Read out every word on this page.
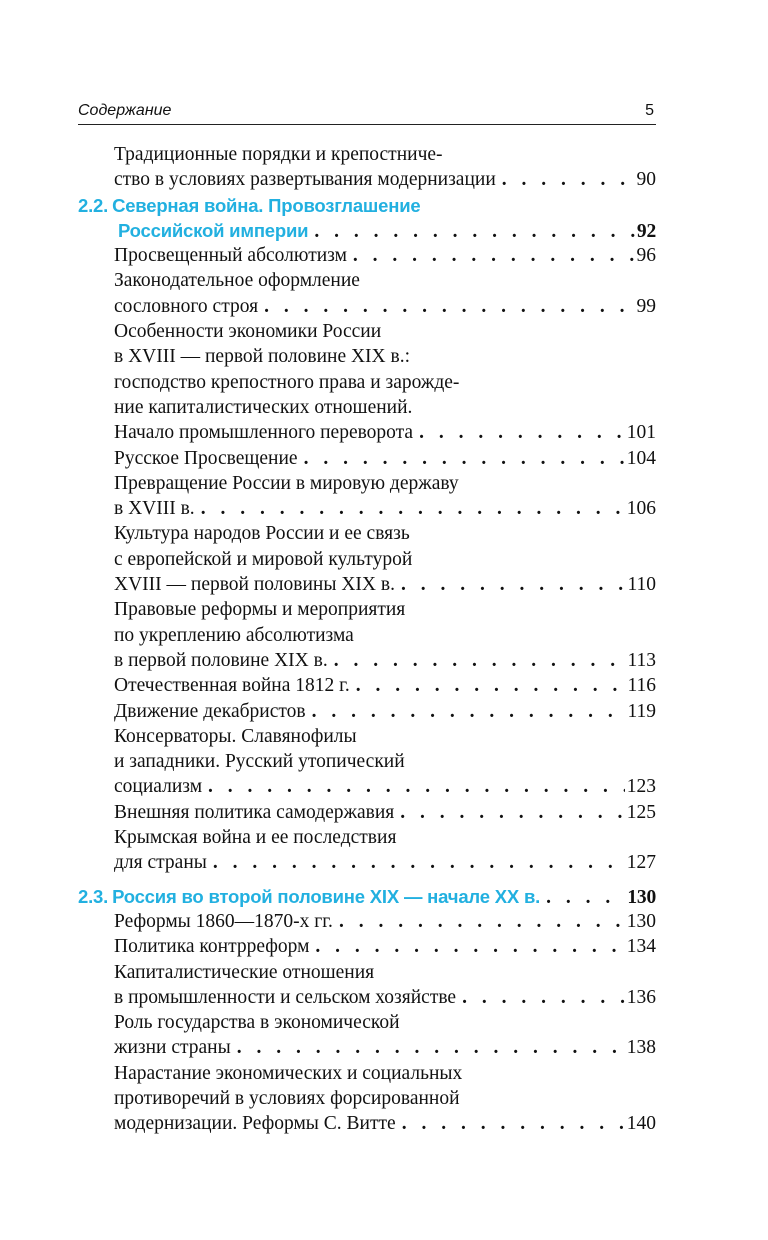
Содержание	5
Традиционные порядки и крепостниче-
ство в условиях развертывания модернизации . . .	90
2.2. Северная война. Провозглашение
Российской империи . . .	92
Просвещенный абсолютизм . . .	96
Законодательное оформление
сословного строя . . .	99
Особенности экономики России
в XVIII — первой половине XIX в.:
господство крепостного права и зарожде-
ние капиталистических отношений.
Начало промышленного переворота . . .	101
Русское Просвещение . . .	104
Превращение России в мировую державу
в XVIII в. . . .	106
Культура народов России и ее связь
с европейской и мировой культурой
XVIII — первой половины XIX в. . . .	110
Правовые реформы и мероприятия
по укреплению абсолютизма
в первой половине XIX в. . . .	113
Отечественная война 1812 г. . . .	116
Движение декабристов . . .	119
Консерваторы. Славянофилы
и западники. Русский утопический
социализм . . .	123
Внешняя политика самодержавия . . .	125
Крымская война и ее последствия
для страны . . .	127
2.3. Россия во второй половине XIX — начале XX в. . . .	130
Реформы 1860—1870-х гг. . . .	130
Политика контрреформ . . .	134
Капиталистические отношения
в промышленности и сельском хозяйстве . . .	136
Роль государства в экономической
жизни страны . . .	138
Нарастание экономических и социальных
противоречий в условиях форсированной
модернизации. Реформы С. Витте . . .	140
